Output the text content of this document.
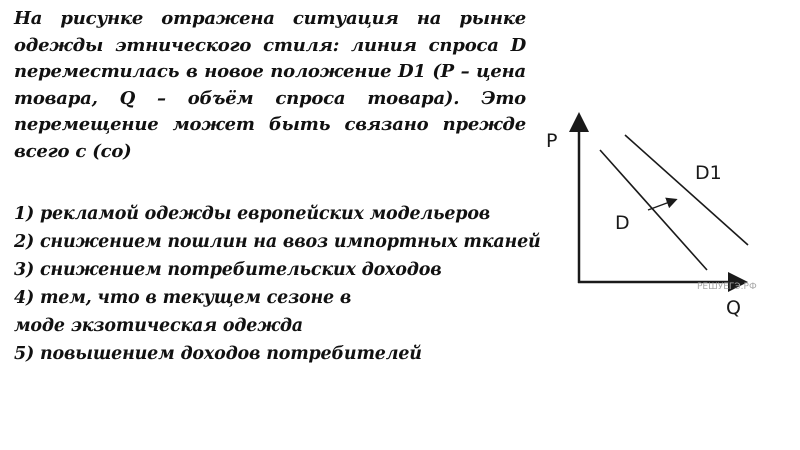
На рисунке отражена ситуация на рынке одежды этнического стиля: линия спроса D переместилась в новое положение D1 (P – цена товара, Q – объём спроса товара). Это перемещение может быть связано прежде всего с (со)

1) рекламой одежды европейских модельеров
2) снижением пошлин на ввоз импортных тканей
3) снижением потребительских доходов
4) тем, что в текущем сезоне в моде экзотическая одежда
5) повышением доходов потребителей
P
Q
D
D1
РЕШУЕГЭ.РФ
